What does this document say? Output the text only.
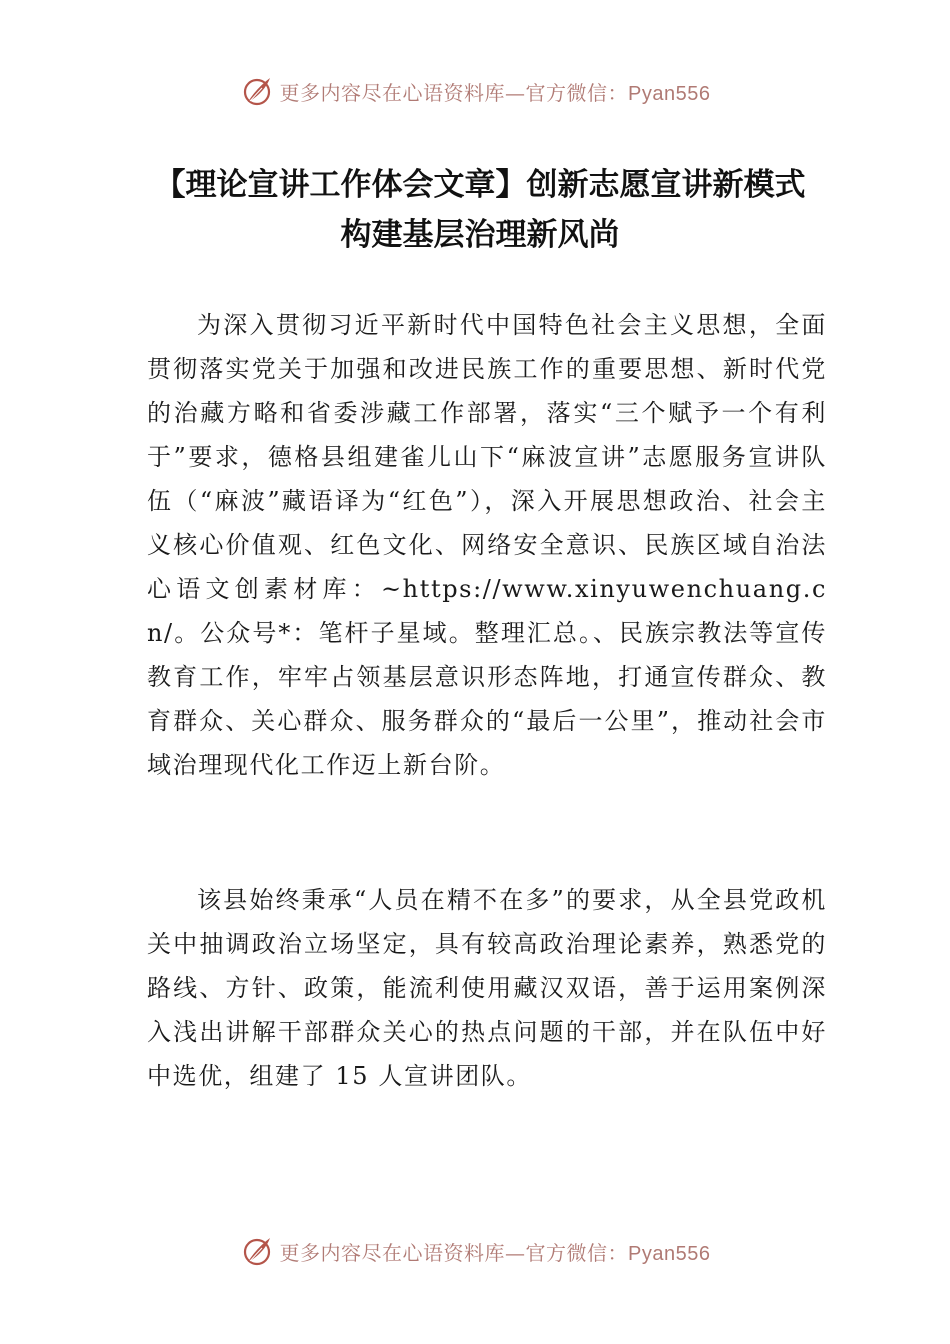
更多内容尽在心语资料库—官方微信：Pyan556
【理论宣讲工作体会文章】创新志愿宣讲新模式 构建基层治理新风尚
为深入贯彻习近平新时代中国特色社会主义思想，全面贯彻落实党关于加强和改进民族工作的重要思想、新时代党的治藏方略和省委涉藏工作部署，落实“三个赋予一个有利于”要求，德格县组建雀儿山下“麻波宣讲”志愿服务宣讲队伍（“麻波”藏语译为“红色”），深入开展思想政治、社会主义核心价值观、红色文化、网络安全意识、民族区域自治法心语文创素材库：~https://www.xinyuwenchuang.cn/。公众号*：笔杆子星域。整理汇总。、民族宗教法等宣传教育工作，牢牢占领基层意识形态阵地，打通宣传群众、教育群众、关心群众、服务群众的“最后一公里”，推动社会市域治理现代化工作迈上新台阶。
该县始终秉承“人员在精不在多”的要求，从全县党政机关中抽调政治立场坚定，具有较高政治理论素养，熟悉党的路线、方针、政策，能流利使用藏汉双语，善于运用案例深入浅出讲解干部群众关心的热点问题的干部，并在队伍中好中选优，组建了 15 人宣讲团队。
更多内容尽在心语资料库—官方微信：Pyan556
